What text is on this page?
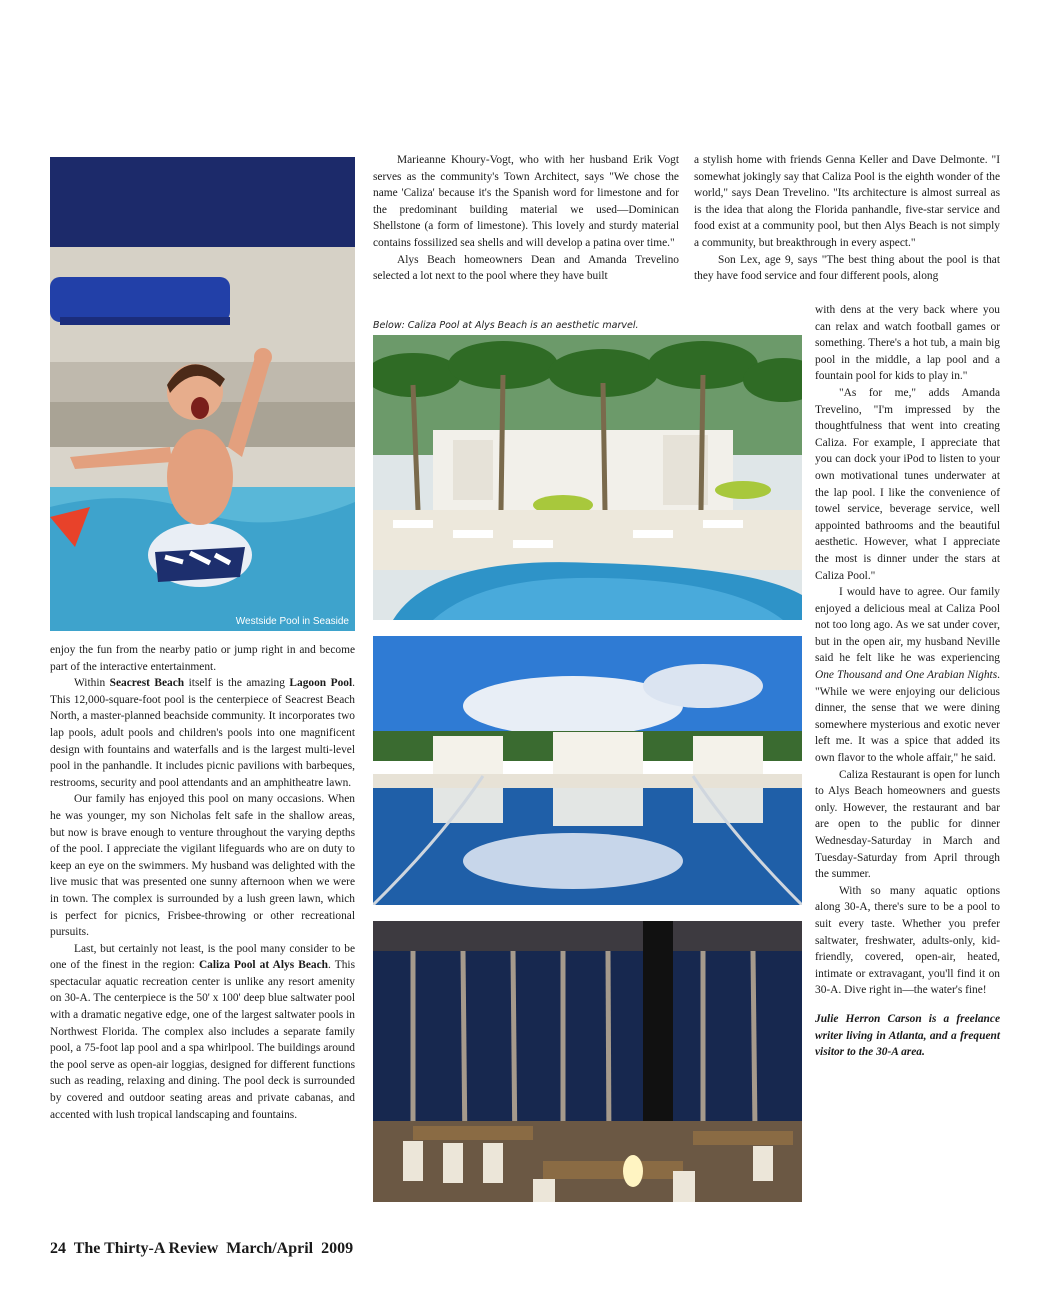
Westside Pool in Seaside

enjoy the fun from the nearby patio or jump right in and become part of the interactive entertainment.

Within Seacrest Beach itself is the amazing Lagoon Pool. This 12,000-square-foot pool is the centerpiece of Seacrest Beach North, a master-planned beachside community. It incorporates two lap pools, adult pools and children's pools into one magnificent design with fountains and waterfalls and is the largest multi-level pool in the panhandle. It includes picnic pavilions with barbeques, restrooms, security and pool attendants and an amphitheatre lawn.

Our family has enjoyed this pool on many occasions. When he was younger, my son Nicholas felt safe in the shallow areas, but now is brave enough to venture throughout the varying depths of the pool. I appreciate the vigilant lifeguards who are on duty to keep an eye on the swimmers. My husband was delighted with the live music that was presented one sunny afternoon when we were in town. The complex is surrounded by a lush green lawn, which is perfect for picnics, Frisbee-throwing or other recreational pursuits.

Last, but certainly not least, is the pool many consider to be one of the finest in the region: Caliza Pool at Alys Beach. This spectacular aquatic recreation center is unlike any resort amenity on 30-A. The centerpiece is the 50' x 100' deep blue saltwater pool with a dramatic negative edge, one of the largest saltwater pools in Northwest Florida. The complex also includes a separate family pool, a 75-foot lap pool and a spa whirlpool. The buildings around the pool serve as open-air loggias, designed for different functions such as reading, relaxing and dining. The pool deck is surrounded by covered and outdoor seating areas and private cabanas, and accented with lush tropical landscaping and fountains.

Marieanne Khoury-Vogt, who with her husband Erik Vogt serves as the community's Town Architect, says "We chose the name 'Caliza' because it's the Spanish word for limestone and for the predominant building material we used—Dominican Shellstone (a form of limestone). This lovely and sturdy material contains fossilized sea shells and will develop a patina over time."

Alys Beach homeowners Dean and Amanda Trevelino selected a lot next to the pool where they have built

a stylish home with friends Genna Keller and Dave Delmonte. "I somewhat jokingly say that Caliza Pool is the eighth wonder of the world," says Dean Trevelino. "Its architecture is almost surreal as is the idea that along the Florida panhandle, five-star service and food exist at a community pool, but then Alys Beach is not simply a community, but breakthrough in every aspect."

Son Lex, age 9, says "The best thing about the pool is that they have food service and four different pools, along

Below: Caliza Pool at Alys Beach is an aesthetic marvel.

with dens at the very back where you can relax and watch football games or something. There's a hot tub, a main big pool in the middle, a lap pool and a fountain pool for kids to play in."

"As for me," adds Amanda Trevelino, "I'm impressed by the thoughtfulness that went into creating Caliza. For example, I appreciate that you can dock your iPod to listen to your own motivational tunes underwater at the lap pool. I like the convenience of towel service, beverage service, well appointed bathrooms and the beautiful aesthetic. However, what I appreciate the most is dinner under the stars at Caliza Pool."

I would have to agree. Our family enjoyed a delicious meal at Caliza Pool not too long ago. As we sat under cover, but in the open air, my husband Neville said he felt like he was experiencing One Thousand and One Arabian Nights. "While we were enjoying our delicious dinner, the sense that we were dining somewhere mysterious and exotic never left me. It was a spice that added its own flavor to the whole affair," he said.

Caliza Restaurant is open for lunch to Alys Beach homeowners and guests only. However, the restaurant and bar are open to the public for dinner Wednesday-Saturday in March and Tuesday-Saturday from April through the summer.

With so many aquatic options along 30-A, there's sure to be a pool to suit every taste. Whether you prefer saltwater, freshwater, adults-only, kid-friendly, covered, open-air, heated, intimate or extravagant, you'll find it on 30-A. Dive right in—the water's fine!

Julie Herron Carson is a freelance writer living in Atlanta, and a frequent visitor to the 30-A area.

24  The Thirty-A Review  March/April  2009
